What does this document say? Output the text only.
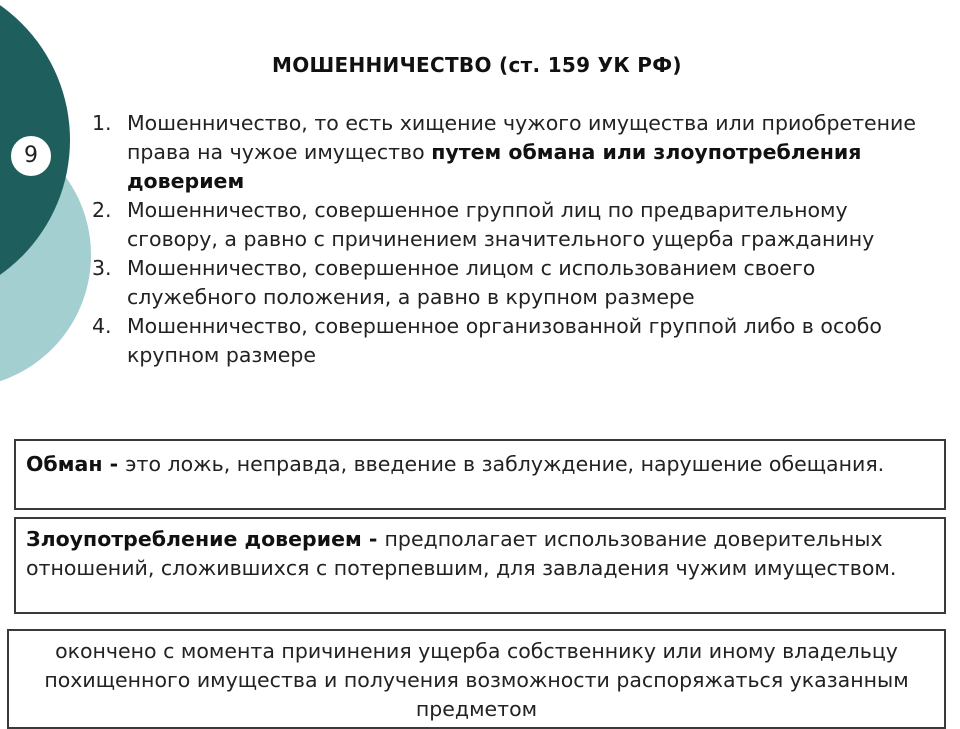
9
МОШЕННИЧЕСТВО (ст. 159 УК РФ)
1. Мошенничество, то есть хищение чужого имущества или приобретение права на чужое имущество путем обмана или злоупотребления доверием
2. Мошенничество, совершенное группой лиц по предварительному сговору, а равно с причинением значительного ущерба гражданину
3. Мошенничество, совершенное лицом с использованием своего служебного положения, а равно в крупном размере
4. Мошенничество, совершенное организованной группой либо в особо крупном размере
Обман - это ложь, неправда, введение в заблуждение, нарушение обещания.
Злоупотребление доверием - предполагает использование доверительных отношений, сложившихся с потерпевшим, для завладения чужим имуществом.
окончено с момента причинения ущерба собственнику или иному владельцу похищенного имущества и получения возможности распоряжаться указанным предметом
